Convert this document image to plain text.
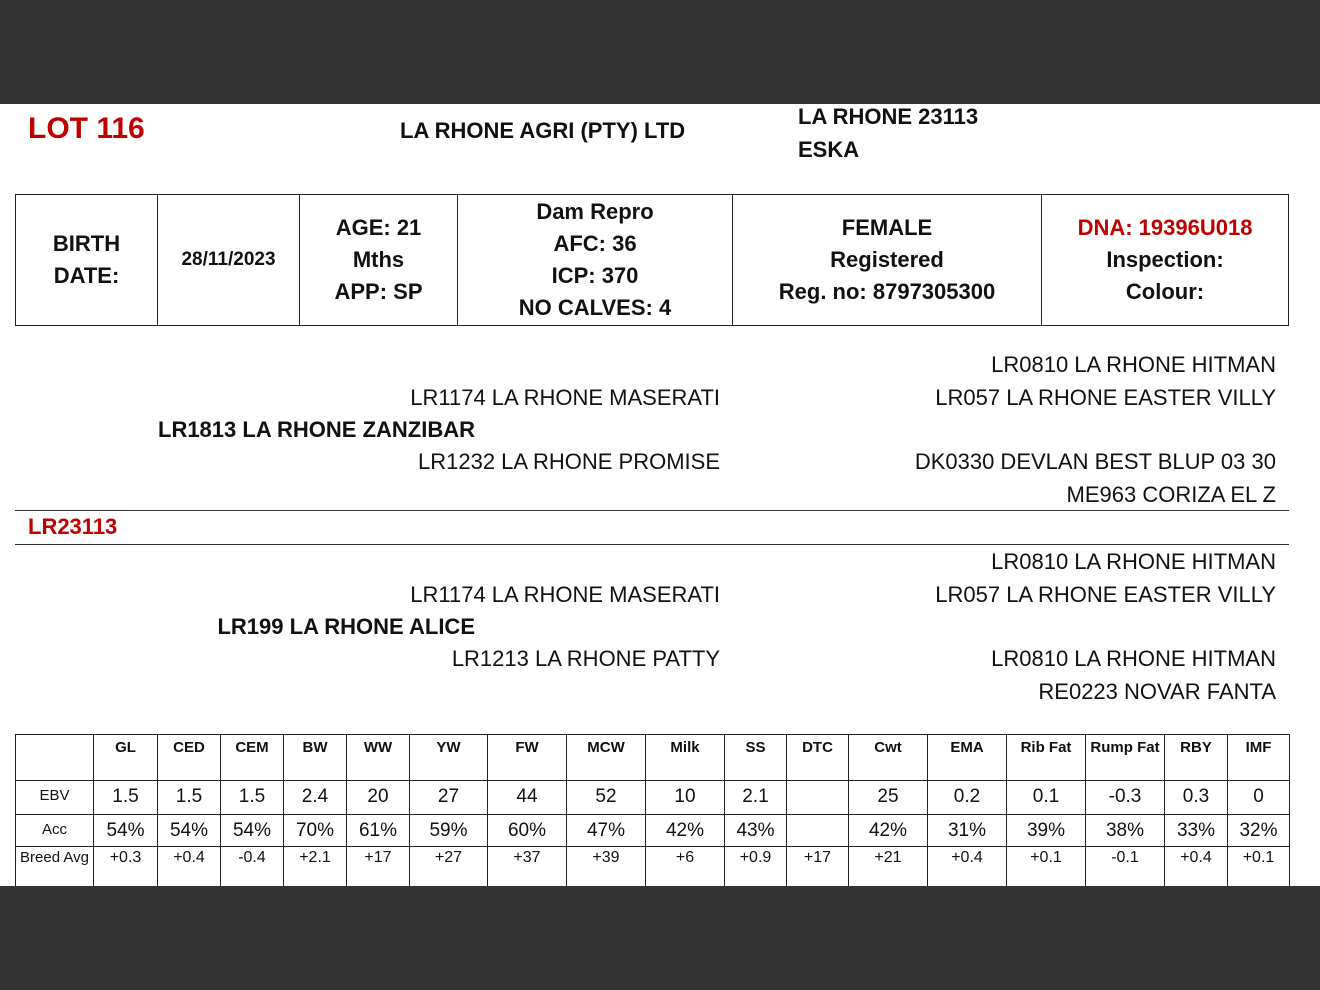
LOT 116	LA RHONE AGRI (PTY) LTD
LA RHONE 23113
ESKA
BIRTH
DATE:

28/11/2023

AGE: 21
Mths
APP: SP

Dam Repro
AFC: 36
ICP: 370
NO CALVES: 4

FEMALE
Registered
Reg. no: 8797305300

DNA: 19396U018
Inspection:
Colour:
LR0810 LA RHONE HITMAN
LR1174 LA RHONE MASERATI	LR057 LA RHONE EASTER VILLY
LR1813 LA RHONE ZANZIBAR
LR1232 LA RHONE PROMISE	DK0330 DEVLAN BEST BLUP 03 30
ME963 CORIZA EL Z
LR23113
LR0810 LA RHONE HITMAN
LR1174 LA RHONE MASERATI	LR057 LA RHONE EASTER VILLY
LR199 LA RHONE ALICE
LR1213 LA RHONE PATTY	LR0810 LA RHONE HITMAN
RE0223 NOVAR FANTA
	GL	CED	CEM	BW	WW	YW	FW	MCW	Milk	SS	DTC	Cwt	EMA	Rib Fat	Rump Fat	RBY	IMF
EBV	1.5	1.5	1.5	2.4	20	27	44	52	10	2.1		25	0.2	0.1	-0.3	0.3	0
Acc	54%	54%	54%	70%	61%	59%	60%	47%	42%	43%		42%	31%	39%	38%	33%	32%
Breed Avg	+0.3	+0.4	-0.4	+2.1	+17	+27	+37	+39	+6	+0.9	+17	+21	+0.4	+0.1	-0.1	+0.4	+0.1
